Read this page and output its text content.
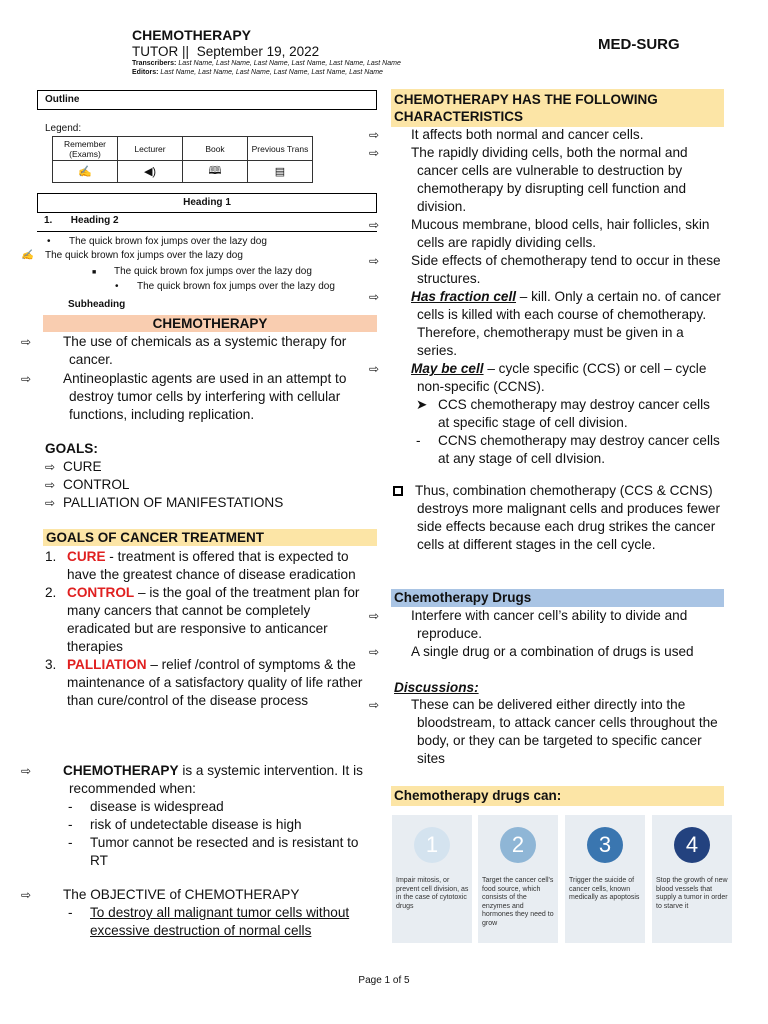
CHEMOTHERAPY
TUTOR || September 19, 2022
Transcribers: Last Name, Last Name, Last Name, Last Name, Last Name, Last Name
Editors: Last Name, Last Name, Last Name, Last Name, Last Name, Last Name
MED-SURG
Outline
Legend:
Remember (Exams)	Lecturer	Book	Previous Trans
✍	◀)	🕮	▤
Heading 1
1. Heading 2
• The quick brown fox jumps over the lazy dog
✍ The quick brown fox jumps over the lazy dog
■ The quick brown fox jumps over the lazy dog
• The quick brown fox jumps over the lazy dog
Subheading
CHEMOTHERAPY
⇨ The use of chemicals as a systemic therapy for cancer.
⇨ Antineoplastic agents are used in an attempt to destroy tumor cells by interfering with cellular functions, including replication.
GOALS:
⇨ CURE
⇨ CONTROL
⇨ PALLIATION OF MANIFESTATIONS
GOALS OF CANCER TREATMENT
1. CURE - treatment is offered that is expected to have the greatest chance of disease eradication
2. CONTROL – is the goal of the treatment plan for many cancers that cannot be completely eradicated but are responsive to anticancer therapies
3. PALLIATION – relief /control of symptoms & the maintenance of a satisfactory quality of life rather than cure/control of the disease process
⇨ CHEMOTHERAPY is a systemic intervention. It is recommended when:
- disease is widespread
- risk of undetectable disease is high
- Tumor cannot be resected and is resistant to RT
⇨ The OBJECTIVE of CHEMOTHERAPY
- To destroy all malignant tumor cells without excessive destruction of normal cells
CHEMOTHERAPY HAS THE FOLLOWING CHARACTERISTICS
⇨ It affects both normal and cancer cells.
⇨ The rapidly dividing cells, both the normal and cancer cells are vulnerable to destruction by chemotherapy by disrupting cell function and division.
⇨ Mucous membrane, blood cells, hair follicles, skin cells are rapidly dividing cells.
⇨ Side effects of chemotherapy tend to occur in these structures.
⇨ Has fraction cell – kill. Only a certain no. of cancer cells is killed with each course of chemotherapy. Therefore, chemotherapy must be given in a series.
⇨ May be cell – cycle specific (CCS) or cell – cycle non-specific (CCNS).
➤ CCS chemotherapy may destroy cancer cells at specific stage of cell division.
- CCNS chemotherapy may destroy cancer cells at any stage of cell dIvision.
Thus, combination chemotherapy (CCS & CCNS) destroys more malignant cells and produces fewer side effects because each drug strikes the cancer cells at different stages in the cell cycle.
Chemotherapy Drugs
⇨ Interfere with cancer cell’s ability to divide and reproduce.
⇨ A single drug or a combination of drugs is used
Discussions:
⇨ These can be delivered either directly into the bloodstream, to attack cancer cells throughout the body, or they can be targeted to specific cancer sites
Chemotherapy drugs can:
1
Impair mitosis, or prevent cell division, as in the case of cytotoxic drugs
2
Target the cancer cell's food source, which consists of the enzymes and hormones they need to grow
3
Trigger the suicide of cancer cells, known medically as apoptosis
4
Stop the growth of new blood vessels that supply a tumor in order to starve it
Page 1 of 5
